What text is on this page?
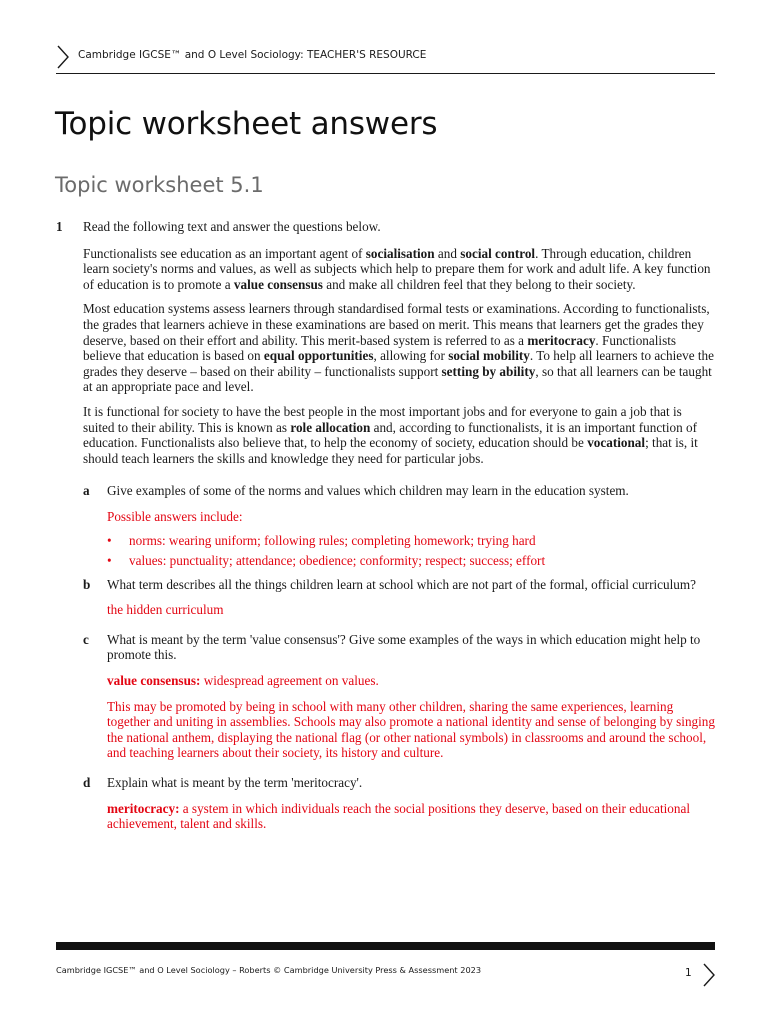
Cambridge IGCSE™ and O Level Sociology: TEACHER'S RESOURCE
Topic worksheet answers
Topic worksheet 5.1
1 Read the following text and answer the questions below.

Functionalists see education as an important agent of socialisation and social control. Through education, children learn society's norms and values, as well as subjects which help to prepare them for work and adult life. A key function of education is to promote a value consensus and make all children feel that they belong to their society.

Most education systems assess learners through standardised formal tests or examinations. According to functionalists, the grades that learners achieve in these examinations are based on merit. This means that learners get the grades they deserve, based on their effort and ability. This merit-based system is referred to as a meritocracy. Functionalists believe that education is based on equal opportunities, allowing for social mobility. To help all learners to achieve the grades they deserve – based on their ability – functionalists support setting by ability, so that all learners can be taught at an appropriate pace and level.

It is functional for society to have the best people in the most important jobs and for everyone to gain a job that is suited to their ability. This is known as role allocation and, according to functionalists, it is an important function of education. Functionalists also believe that, to help the economy of society, education should be vocational; that is, it should teach learners the skills and knowledge they need for particular jobs.

a Give examples of some of the norms and values which children may learn in the education system.
Possible answers include:
• norms: wearing uniform; following rules; completing homework; trying hard
• values: punctuality; attendance; obedience; conformity; respect; success; effort
b What term describes all the things children learn at school which are not part of the formal, official curriculum?
the hidden curriculum
c What is meant by the term 'value consensus'? Give some examples of the ways in which education might help to promote this.
value consensus: widespread agreement on values.
This may be promoted by being in school with many other children, sharing the same experiences, learning together and uniting in assemblies. Schools may also promote a national identity and sense of belonging by singing the national anthem, displaying the national flag (or other national symbols) in classrooms and around the school, and teaching learners about their society, its history and culture.
d Explain what is meant by the term 'meritocracy'.
meritocracy: a system in which individuals reach the social positions they deserve, based on their educational achievement, talent and skills.
Cambridge IGCSE™ and O Level Sociology – Roberts © Cambridge University Press & Assessment 2023	1
